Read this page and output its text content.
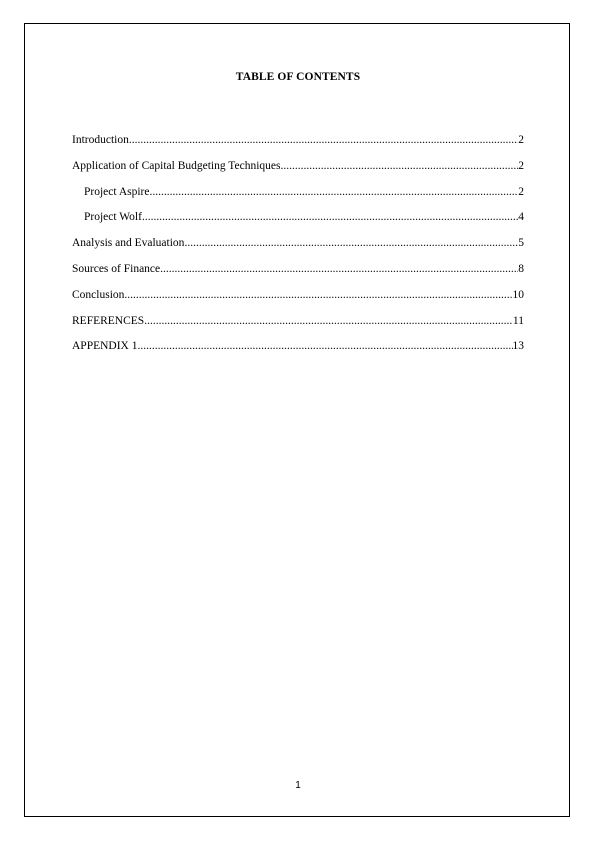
TABLE OF CONTENTS
Introduction .....	2
Application of Capital Budgeting Techniques .....	2
Project Aspire .....	2
Project Wolf .....	4
Analysis and Evaluation .....	5
Sources of Finance .....	8
Conclusion .....	10
REFERENCES .....	11
APPENDIX 1 .....	13
1
